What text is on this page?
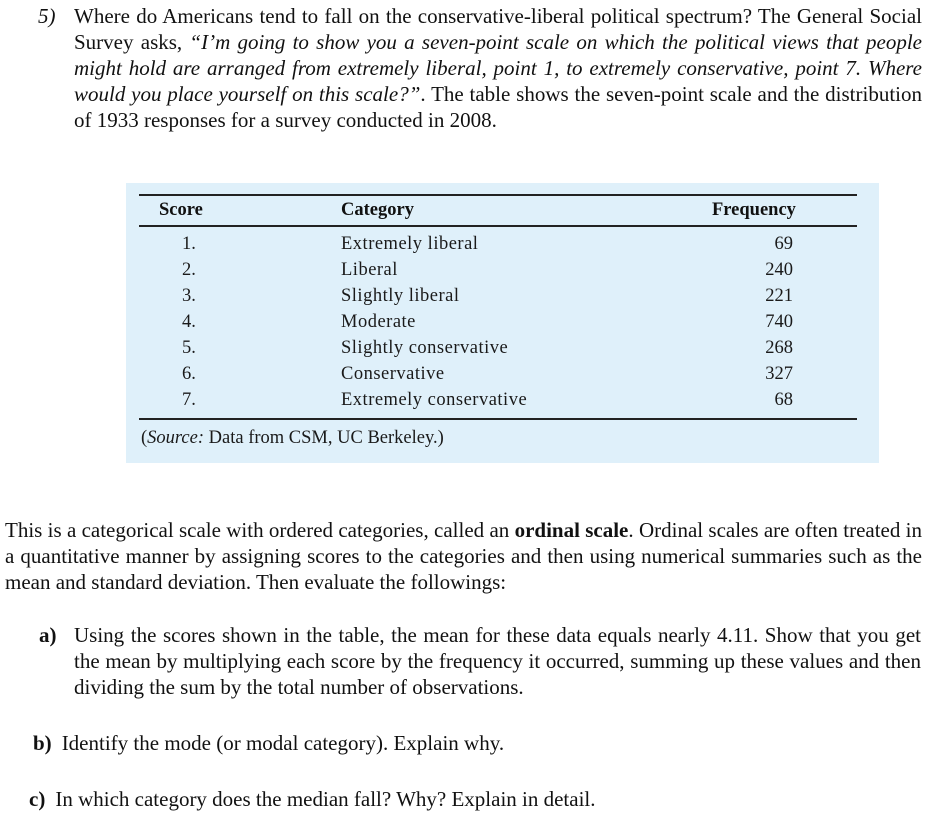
5) Where do Americans tend to fall on the conservative-liberal political spectrum? The General Social Survey asks, “I’m going to show you a seven-point scale on which the political views that people might hold are arranged from extremely liberal, point 1, to extremely conservative, point 7. Where would you place yourself on this scale?”. The table shows the seven-point scale and the distribution of 1933 responses for a survey conducted in 2008.
Score	Category	Frequency
1.	Extremely liberal	69
2.	Liberal	240
3.	Slightly liberal	221
4.	Moderate	740
5.	Slightly conservative	268
6.	Conservative	327
7.	Extremely conservative	68
(Source: Data from CSM, UC Berkeley.)
This is a categorical scale with ordered categories, called an ordinal scale. Ordinal scales are often treated in a quantitative manner by assigning scores to the categories and then using numerical summaries such as the mean and standard deviation. Then evaluate the followings:
a) Using the scores shown in the table, the mean for these data equals nearly 4.11. Show that you get the mean by multiplying each score by the frequency it occurred, summing up these values and then dividing the sum by the total number of observations.
b) Identify the mode (or modal category). Explain why.
c) In which category does the median fall? Why? Explain in detail.
